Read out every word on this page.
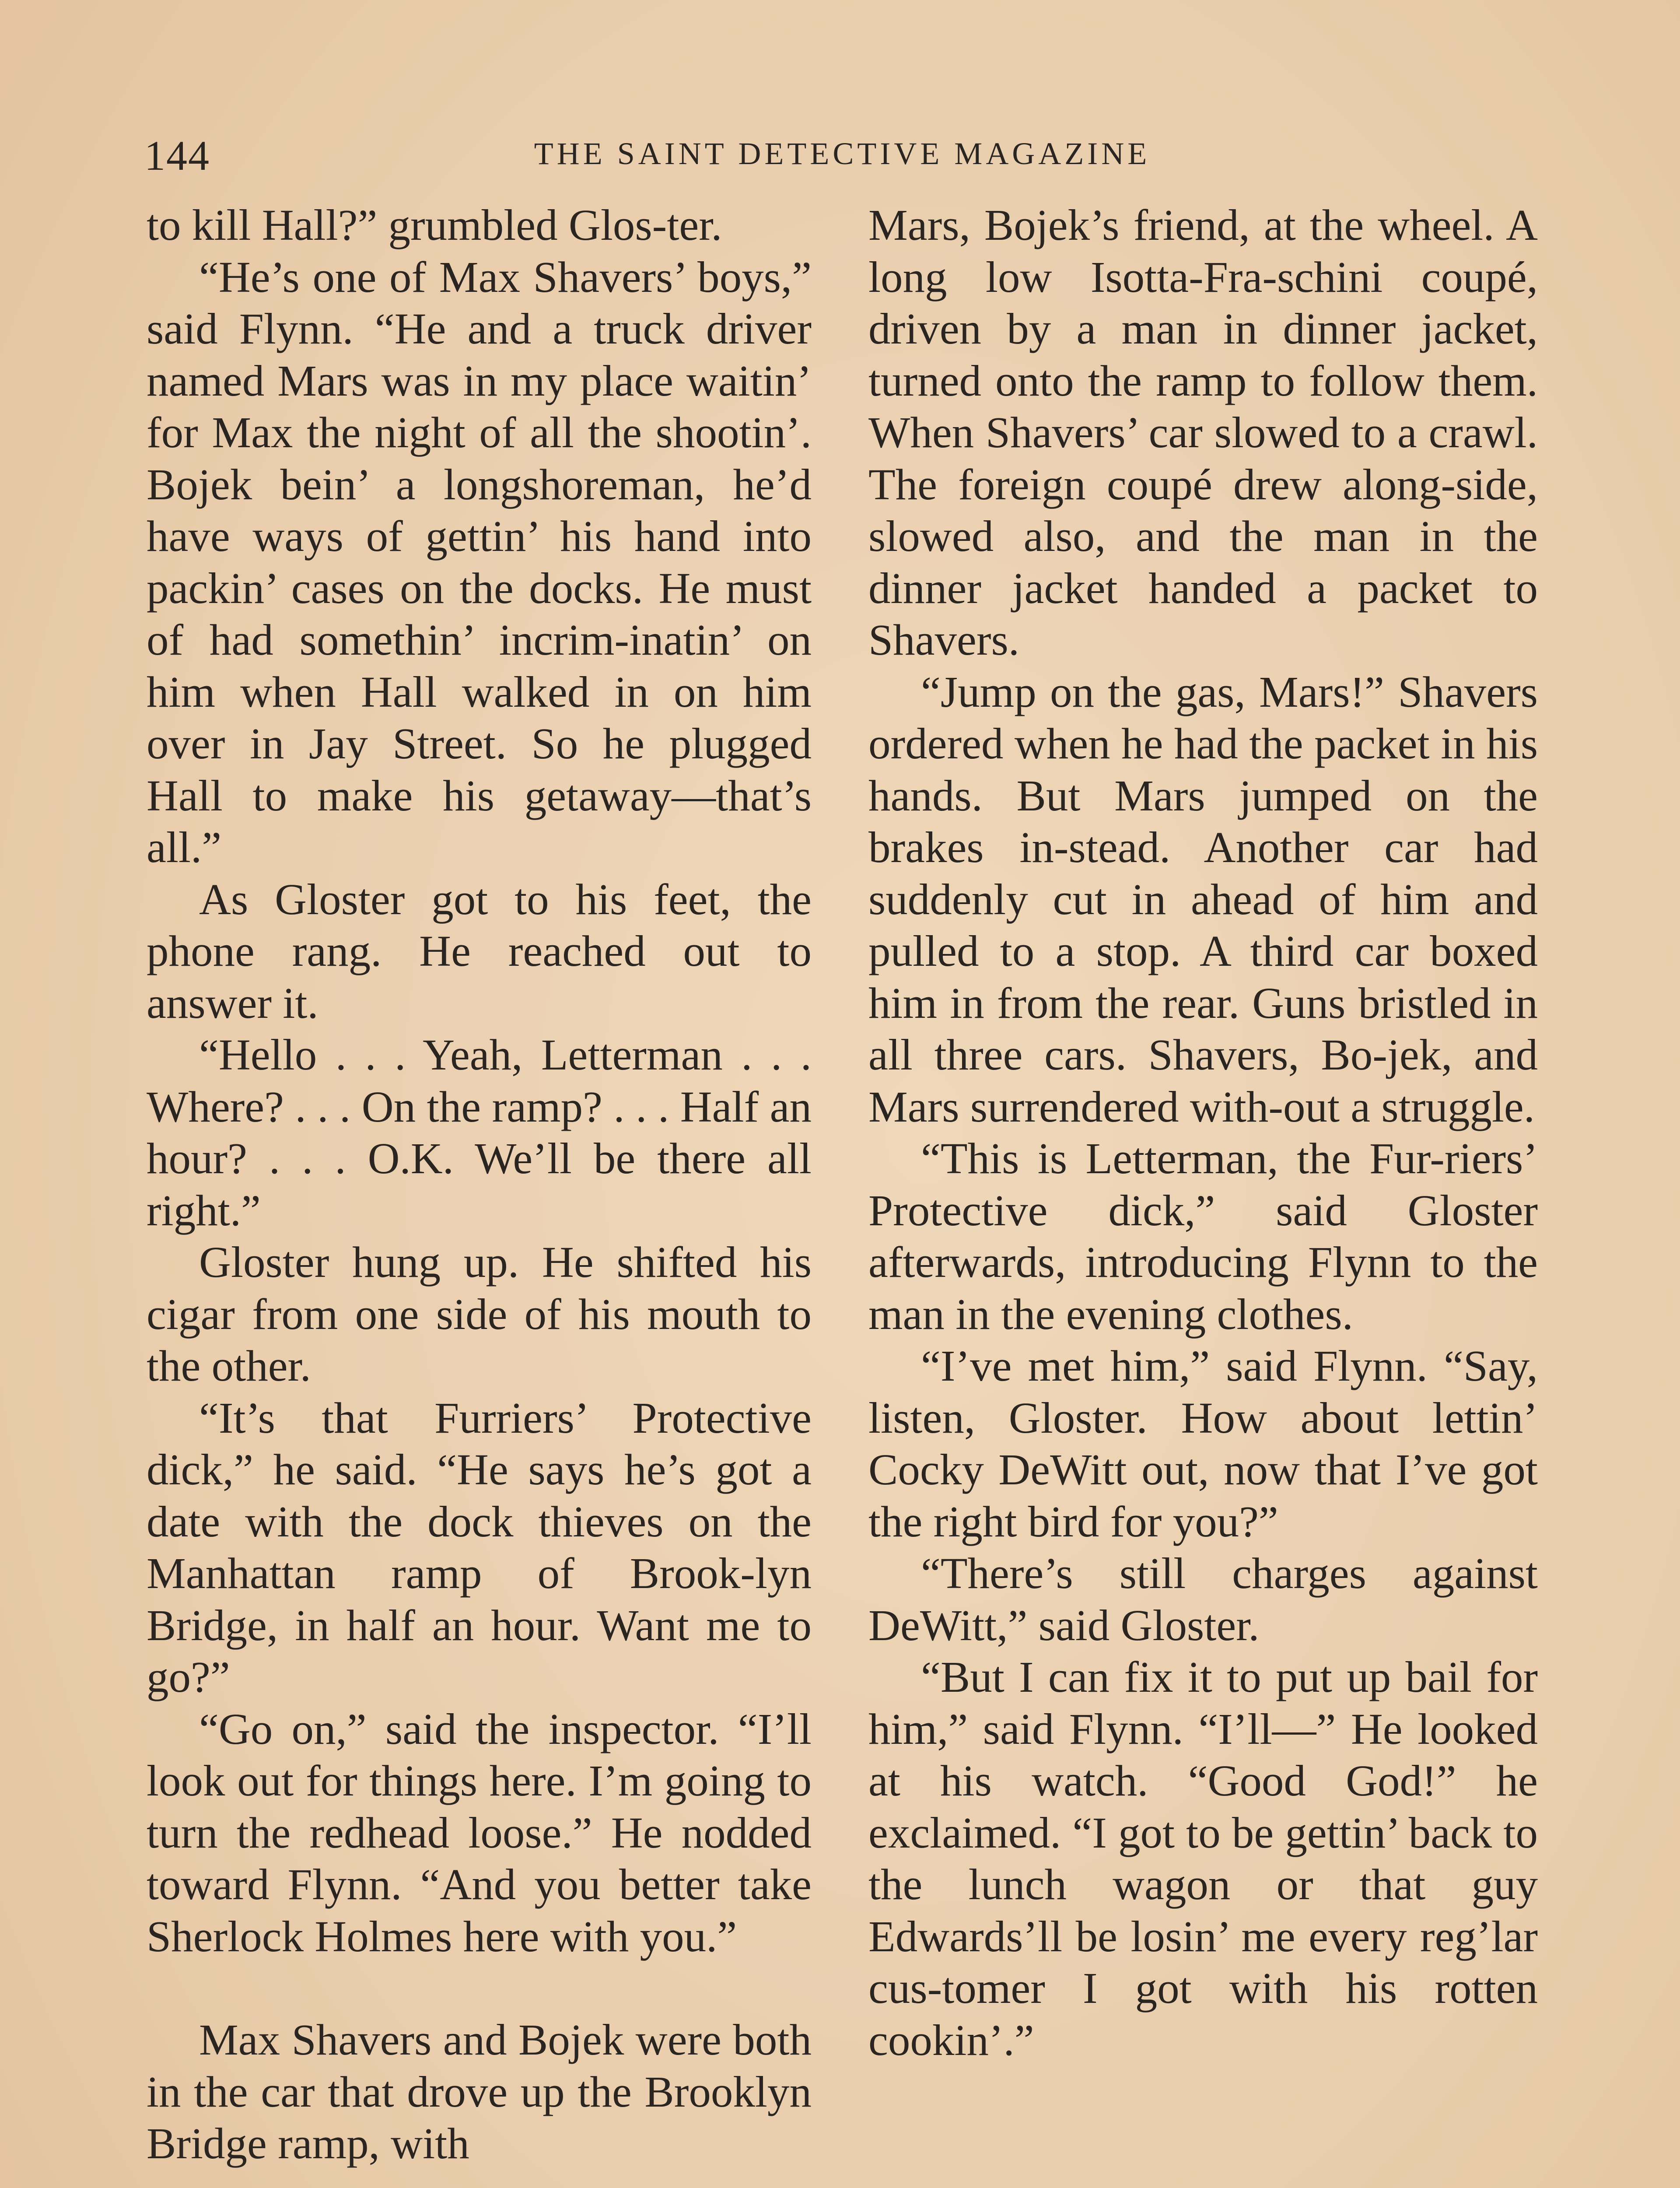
144	THE SAINT DETECTIVE MAGAZINE

to kill Hall?” grumbled Glos-ter.

“He’s one of Max Shavers’ boys,” said Flynn. “He and a truck driver named Mars was in my place waitin’ for Max the night of all the shootin’. Bojek bein’ a longshoreman, he’d have ways of gettin’ his hand into packin’ cases on the docks. He must of had somethin’ incrim-inatin’ on him when Hall walked in on him over in Jay Street. So he plugged Hall to make his getaway—that’s all.”

As Gloster got to his feet, the phone rang. He reached out to answer it.

“Hello . . . Yeah, Letterman . . . Where? . . . On the ramp? . . . Half an hour? . . . O.K. We’ll be there all right.”

Gloster hung up. He shifted his cigar from one side of his mouth to the other.

“It’s that Furriers’ Protective dick,” he said. “He says he’s got a date with the dock thieves on the Manhattan ramp of Brook-lyn Bridge, in half an hour. Want me to go?”

“Go on,” said the inspector. “I’ll look out for things here. I’m going to turn the redhead loose.” He nodded toward Flynn. “And you better take Sherlock Holmes here with you.”

Max Shavers and Bojek were both in the car that drove up the Brooklyn Bridge ramp, with

Mars, Bojek’s friend, at the wheel. A long low Isotta-Fra-schini coupé, driven by a man in dinner jacket, turned onto the ramp to follow them. When Shavers’ car slowed to a crawl. The foreign coupé drew along-side, slowed also, and the man in the dinner jacket handed a packet to Shavers.

“Jump on the gas, Mars!” Shavers ordered when he had the packet in his hands. But Mars jumped on the brakes in-stead. Another car had suddenly cut in ahead of him and pulled to a stop. A third car boxed him in from the rear. Guns bristled in all three cars. Shavers, Bo-jek, and Mars surrendered with-out a struggle.

“This is Letterman, the Fur-riers’ Protective dick,” said Gloster afterwards, introducing Flynn to the man in the evening clothes.

“I’ve met him,” said Flynn. “Say, listen, Gloster. How about lettin’ Cocky DeWitt out, now that I’ve got the right bird for you?”

“There’s still charges against DeWitt,” said Gloster.

“But I can fix it to put up bail for him,” said Flynn. “I’ll—” He looked at his watch. “Good God!” he exclaimed. “I got to be gettin’ back to the lunch wagon or that guy Edwards’ll be losin’ me every reg’lar cus-tomer I got with his rotten cookin’.”
